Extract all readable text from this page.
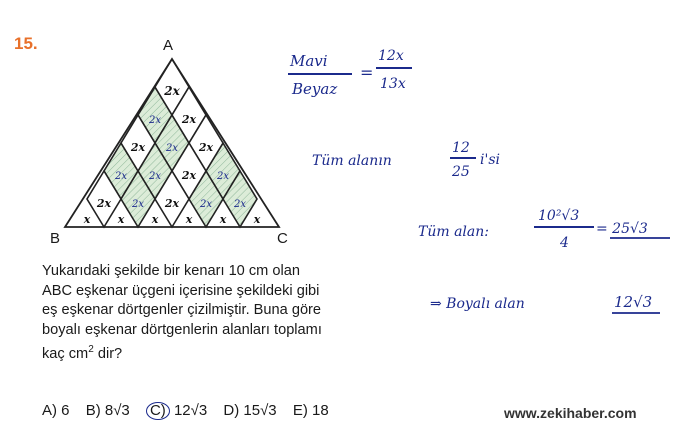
15.	A
B	C
2x
2x
2x	2x
2x
2x
2x
2x
2x
2x 2x	2x
2x	2x 2x
x x x x x x
Yukarıdaki şekilde bir kenarı 10 cm olan
ABC eşkenar üçgeni içerisine şekildeki gibi
eş eşkenar dörtgenler çizilmiştir. Buna göre
boyalı eşkenar dörtgenlerin alanları toplamı
kaç $cm^2$ dir?
A) 6 B) 8√3 C) 12√3 D) 15√3 E) 18	www.zekihaber.com
Mavi
Beyaz
=
12x
13x
Tüm alanın
12
25
i'si
Tüm alan:
10²√3
4
= 25√3
⇒ Boyalı alan	12√3
